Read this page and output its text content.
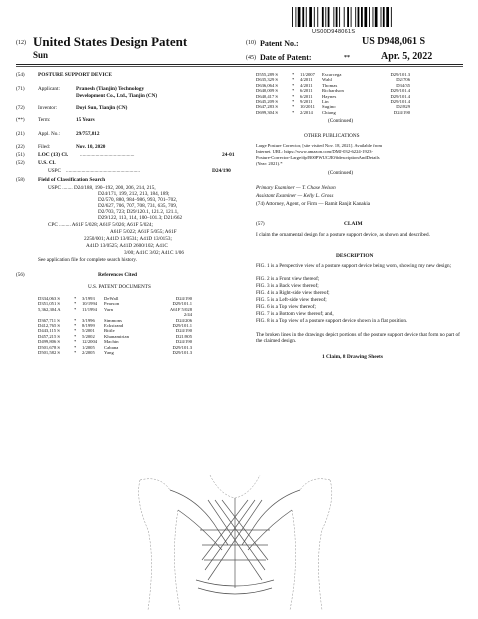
US00D948061S
(12) United States Design Patent
Sun
(10) Patent No.:	US D948,061 S
(45) Date of Patent:	**	Apr. 5, 2022
(54) POSTURE SUPPORT DEVICE
(71)	Applicant:	Pranesh (Tianjin) Technology
Development Co., Ltd., Tianjin (CN)
(72)	Inventor:	Doyi Sun, Tianjin (CN)
(**)	Term:	15 Years
(21)	Appl. No.:	29/757,812
(22)	Filed:	Nov. 10, 2020
(51) LOC (13) Cl. ..........................................	24-01
(52) U.S. Cl.
USPC .........................................................	D24/190
(58) Field of Classification Search
USPC ........ D24/188, 190–192, 200, 206, 214, 215,
D24/171, 199, 212, 213, 184, 189;
D2/570, 880, 984–986, 993, 701–702,
D2/627, 706, 707, 708, 731, 635, 709,
D2/703, 723; D29/120.1, 121.2, 121.1,
D29/122, 113, 114, 100–101.3; D21/662
CPC ......... A61F 5/028; A61F 5/026; A61F 5/024;
A61F 5/022; A61F 5/055; A61F
2250/001; A41D 13/0531; A41D 13/0153;
A41D 13/0525; A41D 2600/102; A41C
3/00; A41C 3/02; A41C 1/06
See application file for complete search history.
(56)	References Cited
U.S. PATENT DOCUMENTS
D334,063 S	*	3/1993	DeWall	D24/190
D351,051 S	*	10/1994	Pearson	D29/101.1
5,362,304 A	*	11/1994	Varn	A61F 5/028
2/44
D367,711 S	*	3/1996	Simmons	D24/206
D412,765 S	*	8/1999	Eckstrand	D29/101.1
D443,115 S	*	5/2001	Bittle	D24/190
D457,215 S	*	5/2002	Khanamirian	D21/805
D499,806 S	*	12/2004	Machin	D24/190
D501,678 S	*	1/2005	Cabana	D29/101.3
D501,582 S	*	2/2005	Yang	D29/101.3
D555,289 S	*	11/2007	Escarcega	D29/101.3
D635,329 S	*	4/2011	Wahl	D2/706
D636,064 S	*	4/2011	Thomas	D34/35
D640,009 S	*	6/2011	Richardson	D29/101.4
D640,417 S	*	6/2011	Haynes	D29/101.4
D645,209 S	*	9/2011	Lin	D29/101.4
D647,283 S	*	10/2011	Sugino	D2/829
D699,304 S	*	2/2014	Chiang	D24/190
(Continued)
OTHER PUBLICATIONS
Large Posture Corrector, [site visited Nov. 18, 2021]. Available from
Internet. URL: https://www.amazon.com/DMJ-032-6224-1923-
Posture-Corrector-Large/dp/B00PWUCJI0/#descriptionAndDetails
(Year: 2021).*
(Continued)
Primary Examiner — T. Chase Nelson
Assistant Examiner — Kelly L. Gross
(74) Attorney, Agent, or Firm — Ramit Ranjit Kanakia
(57)	CLAIM
I claim the ornamental design for a posture support device, as shown and described.
DESCRIPTION
FIG. 1 is a Perspective view of a posture support device being worn, showing my new design;
FIG. 2 is a Front view thereof;
FIG. 3 is a Back view thereof;
FIG. 4 is a Right-side view thereof;
FIG. 5 is a Left-side view thereof;
FIG. 6 is a Top view thereof;
FIG. 7 is a Bottom view thereof; and,
FIG. 8 is a Top view of a posture support device shown in a flat position.
The broken lines in the drawings depict portions of the posture support device that form no part of the claimed design.
1 Claim, 8 Drawing Sheets
